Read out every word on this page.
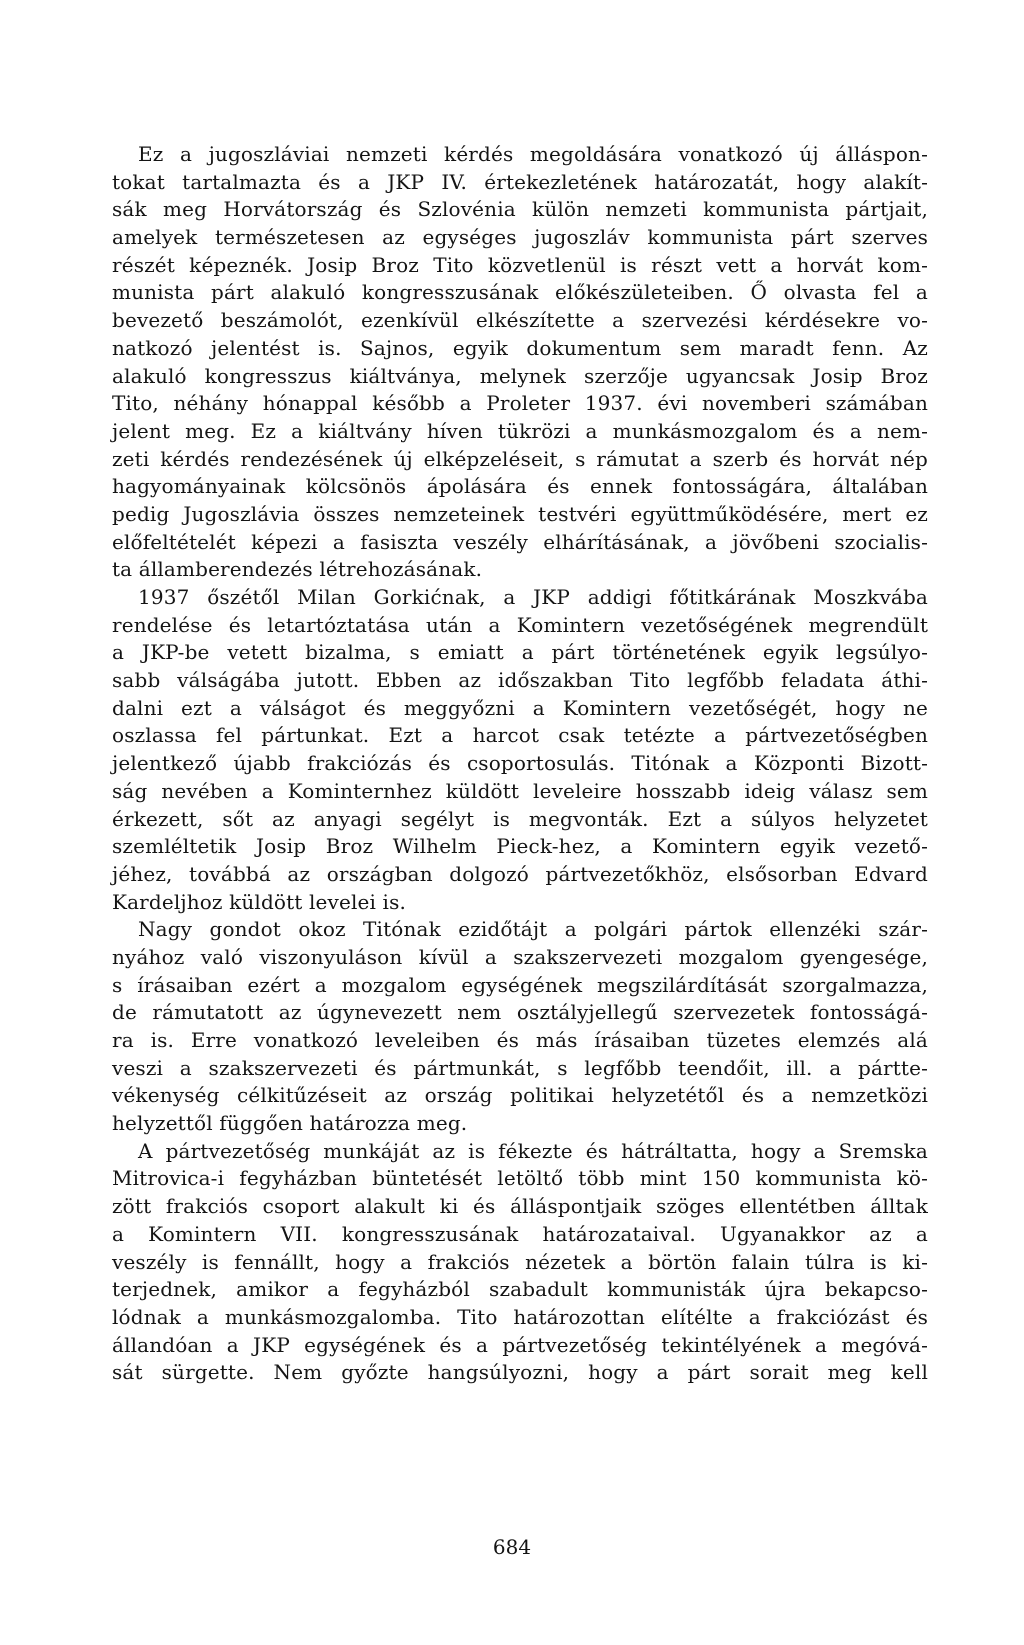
Ez a jugoszláviai nemzeti kérdés megoldására vonatkozó új álláspon-
tokat tartalmazta és a JKP IV. értekezletének határozatát, hogy alakít-
sák meg Horvátország és Szlovénia külön nemzeti kommunista pártjait,
amelyek természetesen az egységes jugoszláv kommunista párt szerves
részét képeznék. Josip Broz Tito közvetlenül is részt vett a horvát kom-
munista párt alakuló kongresszusának előkészületeiben. Ő olvasta fel a
bevezető beszámolót, ezenkívül elkészítette a szervezési kérdésekre vo-
natkozó jelentést is. Sajnos, egyik dokumentum sem maradt fenn. Az
alakuló kongresszus kiáltványa, melynek szerzője ugyancsak Josip Broz
Tito, néhány hónappal később a Proleter 1937. évi novemberi számában
jelent meg. Ez a kiáltvány híven tükrözi a munkásmozgalom és a nem-
zeti kérdés rendezésének új elképzeléseit, s rámutat a szerb és horvát nép
hagyományainak kölcsönös ápolására és ennek fontosságára, általában
pedig Jugoszlávia összes nemzeteinek testvéri együttműködésére, mert ez
előfeltételét képezi a fasiszta veszély elhárításának, a jövőbeni szocialis-
ta államberendezés létrehozásának.
1937 őszétől Milan Gorkićnak, a JKP addigi főtitkárának Moszkvába
rendelése és letartóztatása után a Komintern vezetőségének megrendült
a JKP-be vetett bizalma, s emiatt a párt történetének egyik legsúlyo-
sabb válságába jutott. Ebben az időszakban Tito legfőbb feladata áthi-
dalni ezt a válságot és meggyőzni a Komintern vezetőségét, hogy ne
oszlassa fel pártunkat. Ezt a harcot csak tetézte a pártvezetőségben
jelentkező újabb frakciózás és csoportosulás. Titónak a Központi Bizott-
ság nevében a Kominternhez küldött leveleire hosszabb ideig válasz sem
érkezett, sőt az anyagi segélyt is megvonták. Ezt a súlyos helyzetet
szemléltetik Josip Broz Wilhelm Pieck-hez, a Komintern egyik vezető-
jéhez, továbbá az országban dolgozó pártvezetőkhöz, elsősorban Edvard
Kardeljhoz küldött levelei is.
Nagy gondot okoz Titónak ezidőtájt a polgári pártok ellenzéki szár-
nyához való viszonyuláson kívül a szakszervezeti mozgalom gyengesége,
s írásaiban ezért a mozgalom egységének megszilárdítását szorgalmazza,
de rámutatott az úgynevezett nem osztályjellegű szervezetek fontosságá-
ra is. Erre vonatkozó leveleiben és más írásaiban tüzetes elemzés alá
veszi a szakszervezeti és pártmunkát, s legfőbb teendőit, ill. a pártte-
vékenység célkitűzéseit az ország politikai helyzetétől és a nemzetközi
helyzettől függően határozza meg.
A pártvezetőség munkáját az is fékezte és hátráltatta, hogy a Sremska
Mitrovica-i fegyházban büntetését letöltő több mint 150 kommunista kö-
zött frakciós csoport alakult ki és álláspontjaik szöges ellentétben álltak
a Komintern VII. kongresszusának határozataival. Ugyanakkor az a
veszély is fennállt, hogy a frakciós nézetek a börtön falain túlra is ki-
terjednek, amikor a fegyházból szabadult kommunisták újra bekapcso-
lódnak a munkásmozgalomba. Tito határozottan elítélte a frakciózást és
állandóan a JKP egységének és a pártvezetőség tekintélyének a megóvá-
sát sürgette. Nem győzte hangsúlyozni, hogy a párt sorait meg kell
684
